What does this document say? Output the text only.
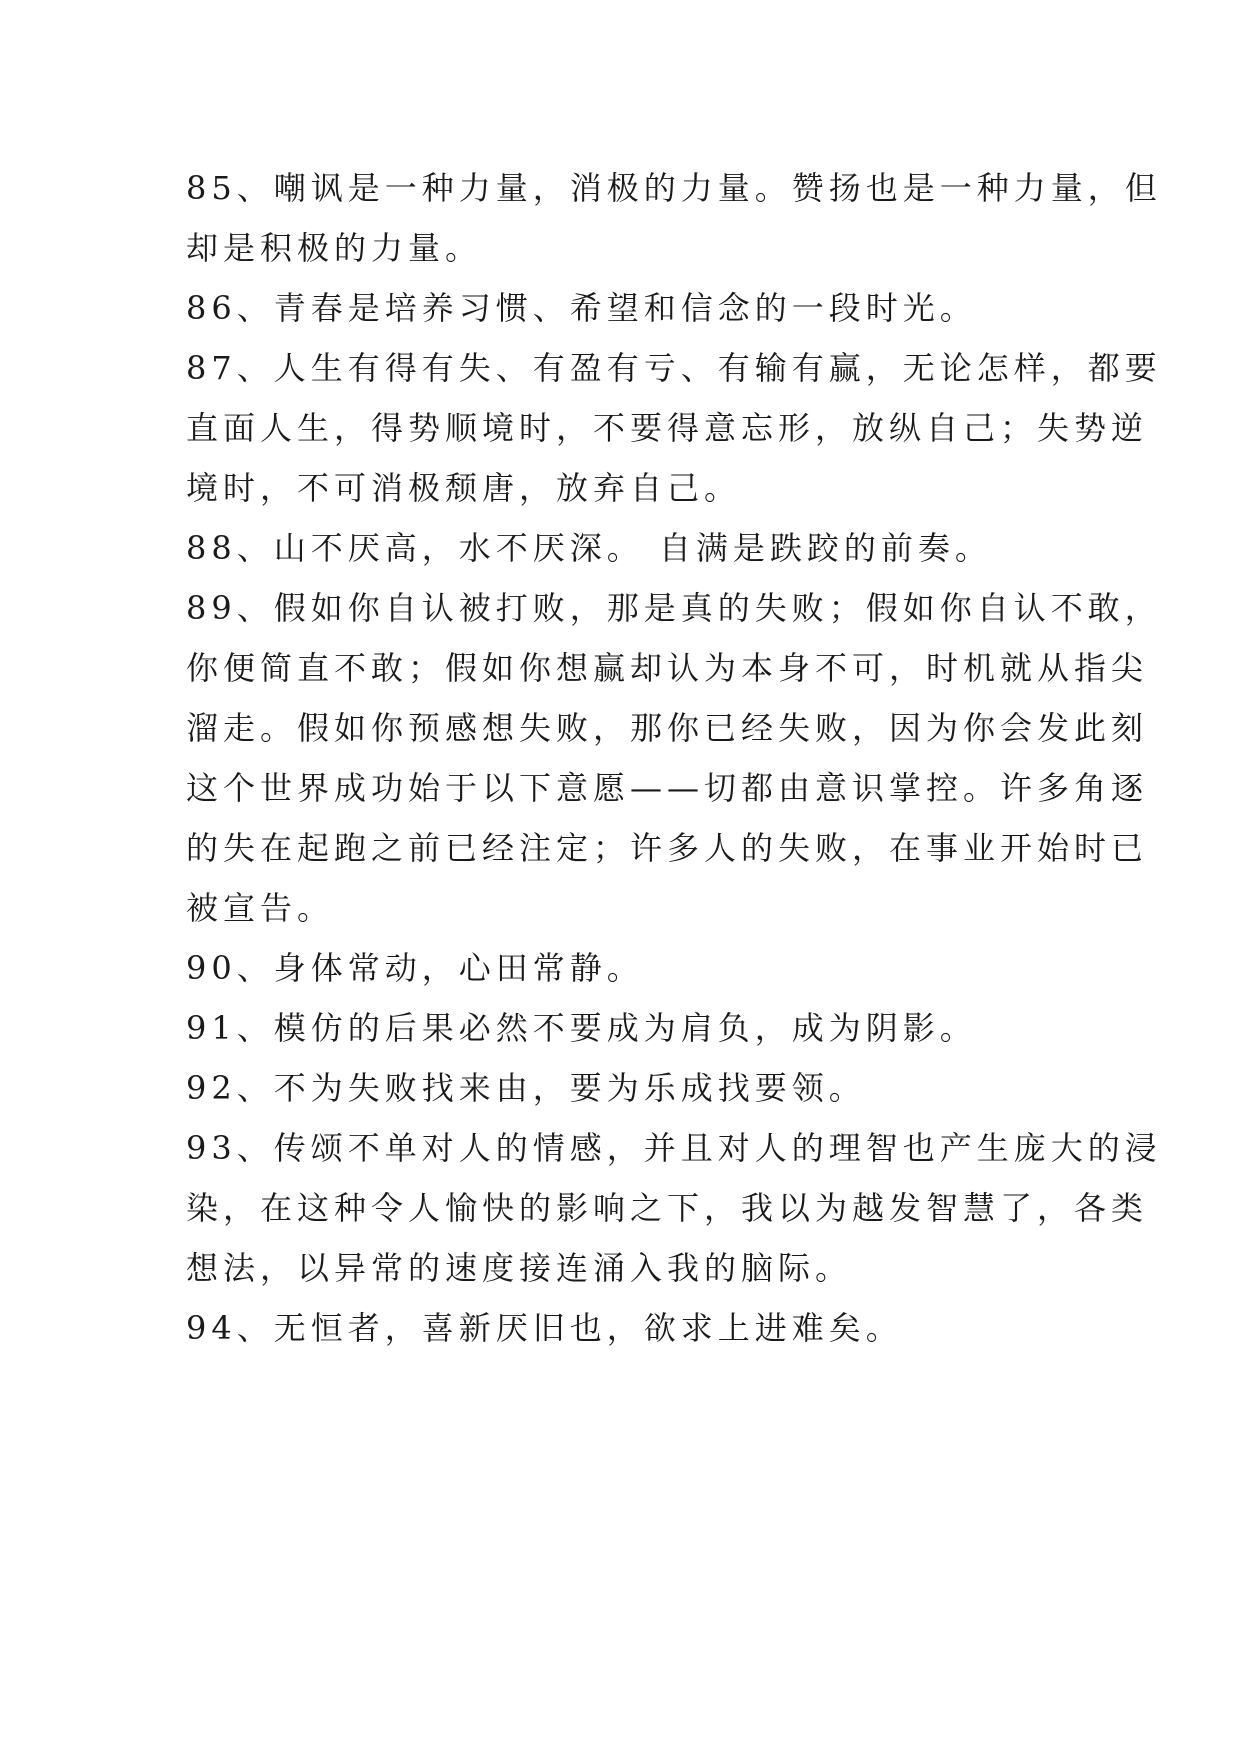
85、嘲讽是一种力量，消极的力量。赞扬也是一种力量，但
却是积极的力量。
86、青春是培养习惯、希望和信念的一段时光。
87、人生有得有失、有盈有亏、有输有赢，无论怎样，都要
直面人生，得势顺境时，不要得意忘形，放纵自己；失势逆
境时，不可消极颓唐，放弃自己。
88、山不厌高，水不厌深。 自满是跌跤的前奏。
89、假如你自认被打败，那是真的失败；假如你自认不敢，
你便简直不敢；假如你想赢却认为本身不可，时机就从指尖
溜走。假如你预感想失败，那你已经失败，因为你会发此刻
这个世界成功始于以下意愿——切都由意识掌控。许多角逐
的失在起跑之前已经注定；许多人的失败，在事业开始时已
被宣告。
90、身体常动，心田常静。
91、模仿的后果必然不要成为肩负，成为阴影。
92、不为失败找来由，要为乐成找要领。
93、传颂不单对人的情感，并且对人的理智也产生庞大的浸
染，在这种令人愉快的影响之下，我以为越发智慧了，各类
想法，以异常的速度接连涌入我的脑际。
94、无恒者，喜新厌旧也，欲求上进难矣。
